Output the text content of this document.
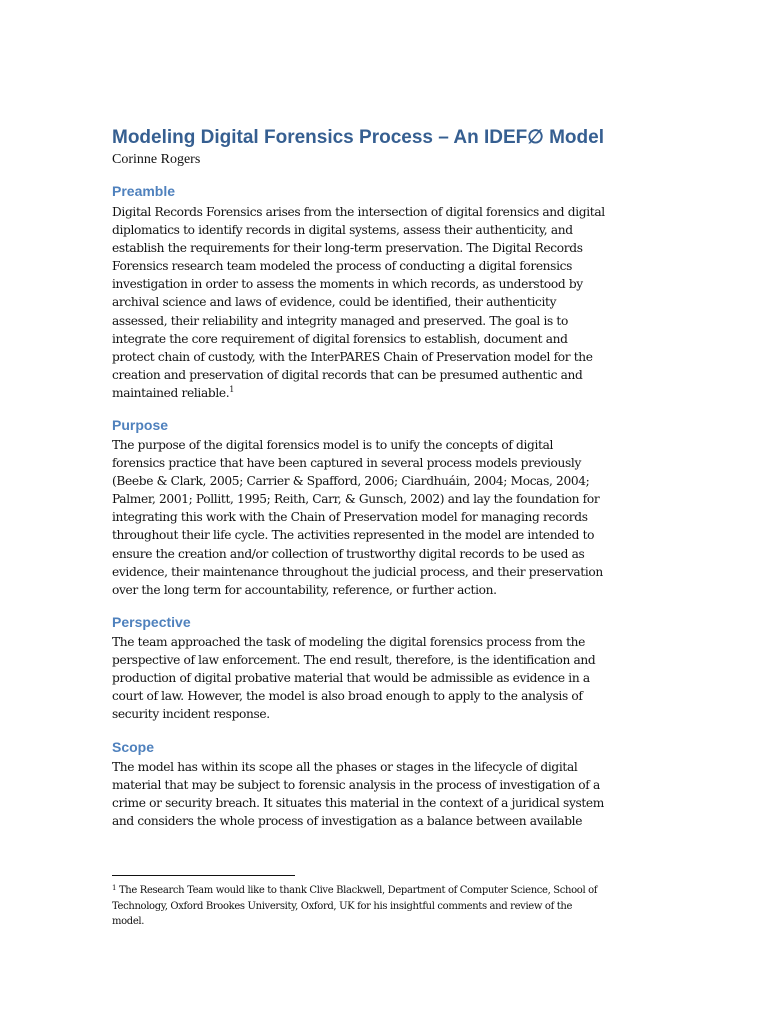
Modeling Digital Forensics Process – An IDEF∅ Model
Corinne Rogers
Preamble
Digital Records Forensics arises from the intersection of digital forensics and digital
diplomatics to identify records in digital systems, assess their authenticity, and
establish the requirements for their long-term preservation. The Digital Records
Forensics research team modeled the process of conducting a digital forensics
investigation in order to assess the moments in which records, as understood by
archival science and laws of evidence, could be identified, their authenticity
assessed, their reliability and integrity managed and preserved. The goal is to
integrate the core requirement of digital forensics to establish, document and
protect chain of custody, with the InterPARES Chain of Preservation model for the
creation and preservation of digital records that can be presumed authentic and
maintained reliable.$^1$
Purpose
The purpose of the digital forensics model is to unify the concepts of digital
forensics practice that have been captured in several process models previously
(Beebe & Clark, 2005; Carrier & Spafford, 2006; Ciardhuáin, 2004; Mocas, 2004;
Palmer, 2001; Pollitt, 1995; Reith, Carr, & Gunsch, 2002) and lay the foundation for
integrating this work with the Chain of Preservation model for managing records
throughout their life cycle. The activities represented in the model are intended to
ensure the creation and/or collection of trustworthy digital records to be used as
evidence, their maintenance throughout the judicial process, and their preservation
over the long term for accountability, reference, or further action.
Perspective
The team approached the task of modeling the digital forensics process from the
perspective of law enforcement. The end result, therefore, is the identification and
production of digital probative material that would be admissible as evidence in a
court of law. However, the model is also broad enough to apply to the analysis of
security incident response.
Scope
The model has within its scope all the phases or stages in the lifecycle of digital
material that may be subject to forensic analysis in the process of investigation of a
crime or security breach. It situates this material in the context of a juridical system
and considers the whole process of investigation as a balance between available
$^1$ The Research Team would like to thank Clive Blackwell, Department of Computer Science, School of
Technology, Oxford Brookes University, Oxford, UK for his insightful comments and review of the
model.
